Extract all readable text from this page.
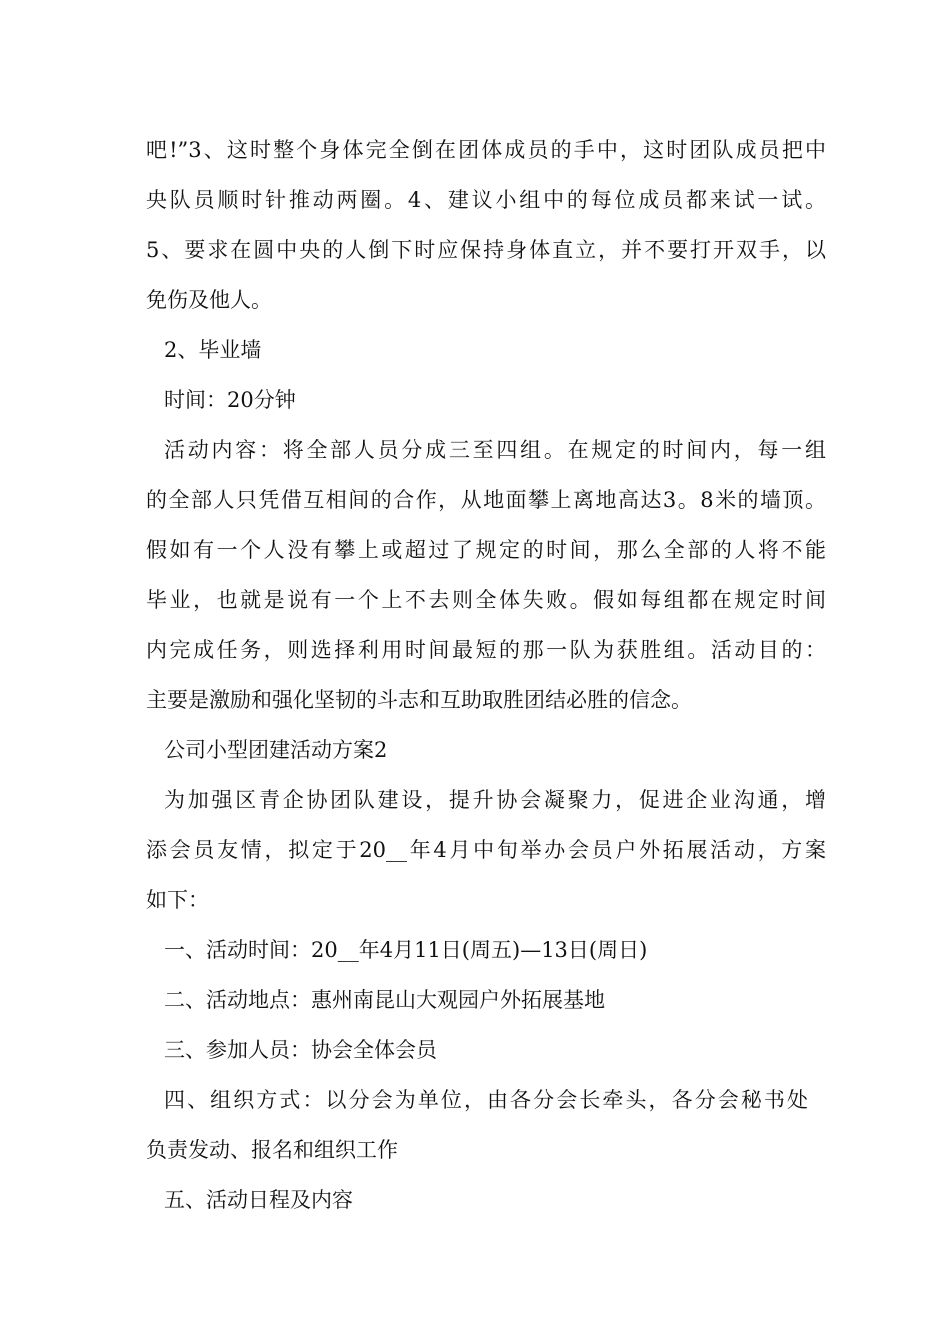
吧!”3、这时整个身体完全倒在团体成员的手中，这时团队成员把中
央队员顺时针推动两圈。4、建议小组中的每位成员都来试一试。
5、要求在圆中央的人倒下时应保持身体直立，并不要打开双手，以
免伤及他人。
2、毕业墙
时间：20分钟
活动内容：将全部人员分成三至四组。在规定的时间内，每一组
的全部人只凭借互相间的合作，从地面攀上离地高达3。8米的墙顶。
假如有一个人没有攀上或超过了规定的时间，那么全部的人将不能
毕业，也就是说有一个上不去则全体失败。假如每组都在规定时间
内完成任务，则选择利用时间最短的那一队为获胜组。活动目的：
主要是激励和强化坚韧的斗志和互助取胜团结必胜的信念。
公司小型团建活动方案2
为加强区青企协团队建设，提升协会凝聚力，促进企业沟通，增
添会员友情，拟定于20__年4月中旬举办会员户外拓展活动，方案
如下：
一、活动时间：20__年4月11日(周五)—13日(周日)
二、活动地点：惠州南昆山大观园户外拓展基地
三、参加人员：协会全体会员
四、组织方式：以分会为单位，由各分会长牵头，各分会秘书处
负责发动、报名和组织工作
五、活动日程及内容
